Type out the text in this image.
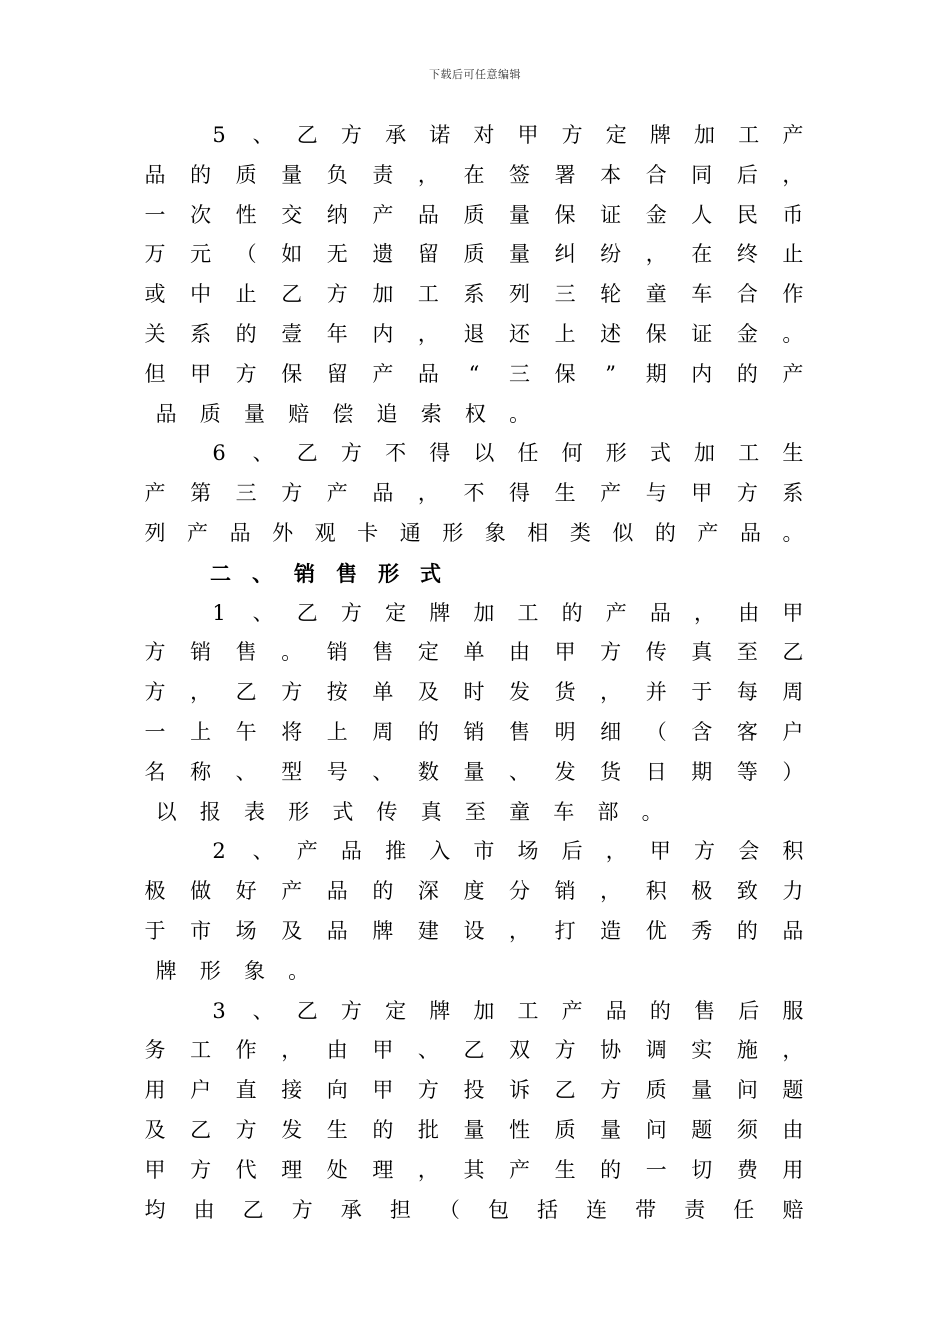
下载后可任意编辑
5 、 乙 方 承 诺 对 甲 方 定 牌 加 工 产
品 的 质 量 负 责 ， 在 签 署 本 合 同 后 ，
一 次 性 交 纳 产 品 质 量 保 证 金 人 民 币
万 元 （ 如 无 遗 留 质 量 纠 纷 ， 在 终 止
或 中 止 乙 方 加 工 系 列 三 轮 童 车 合 作
关 系 的 壹 年 内 ， 退 还 上 述 保 证 金 。
但 甲 方 保 留 产 品 “ 三 保 ” 期 内 的 产
品	质	量	赔	偿	追	索	权	。
6 、 乙 方 不 得 以 任 何 形 式 加 工 生
产 第 三 方 产 品 ， 不 得 生 产 与 甲 方 系
列 产 品 外 观 卡 通 形 象 相 类 似 的 产 品 。
二	、	销	售	形	式
1 、 乙 方 定 牌 加 工 的 产 品 ， 由 甲
方 销 售 。 销 售 定 单 由 甲 方 传 真 至 乙
方 ， 乙 方 按 单 及 时 发 货 ， 并 于 每 周
一 上 午 将 上 周 的 销 售 明 细 （ 含 客 户
名 称 、 型 号 、 数 量 、 发 货 日 期 等 ）
以	报	表	形	式	传	真	至	童	车	部	。
2 、 产 品 推 入 市 场 后 ， 甲 方 会 积
极 做 好 产 品 的 深 度 分 销 ， 积 极 致 力
于 市 场 及 品 牌 建 设 ， 打 造 优 秀 的 品
牌	形	象	。
3 、 乙 方 定 牌 加 工 产 品 的 售 后 服
务 工 作 ， 由 甲 、 乙 双 方 协 调 实 施 ，
用 户 直 接 向 甲 方 投 诉 乙 方 质 量 问 题
及 乙 方 发 生 的 批 量 性 质 量 问 题 须 由
甲 方 代 理 处 理 ， 其 产 生 的 一 切 费 用
均 由 乙 方 承 担 （ 包 括 连 带 责 任 赔
